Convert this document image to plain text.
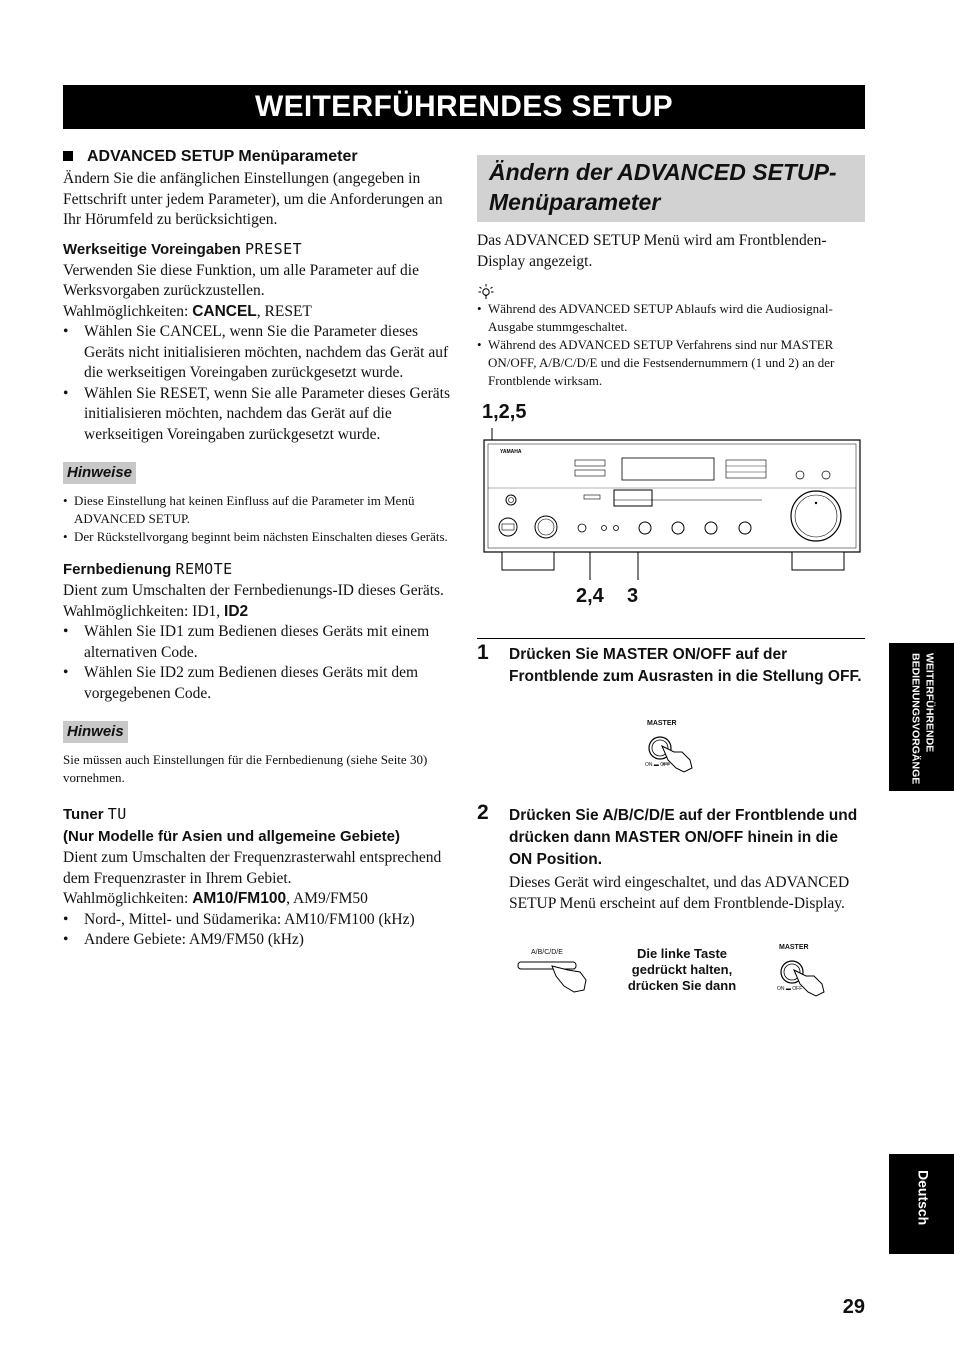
WEITERFÜHRENDES SETUP
ADVANCED SETUP Menüparameter
Ändern Sie die anfänglichen Einstellungen (angegeben in Fettschrift unter jedem Parameter), um die Anforderungen an Ihr Hörumfeld zu berücksichtigen.
Werkseitige Voreingaben PRESET
Verwenden Sie diese Funktion, um alle Parameter auf die Werksvorgaben zurückzustellen.
Wahlmöglichkeiten: CANCEL, RESET
• Wählen Sie CANCEL, wenn Sie die Parameter dieses Geräts nicht initialisieren möchten, nachdem das Gerät auf die werkseitigen Voreingaben zurückgesetzt wurde.
• Wählen Sie RESET, wenn Sie alle Parameter dieses Geräts initialisieren möchten, nachdem das Gerät auf die werkseitigen Voreingaben zurückgesetzt wurde.
Hinweise
• Diese Einstellung hat keinen Einfluss auf die Parameter im Menü ADVANCED SETUP.
• Der Rückstellvorgang beginnt beim nächsten Einschalten dieses Geräts.
Fernbedienung REMOTE
Dient zum Umschalten der Fernbedienungs-ID dieses Geräts.
Wahlmöglichkeiten: ID1, ID2
• Wählen Sie ID1 zum Bedienen dieses Geräts mit einem alternativen Code.
• Wählen Sie ID2 zum Bedienen dieses Geräts mit dem vorgegebenen Code.
Hinweis
Sie müssen auch Einstellungen für die Fernbedienung (siehe Seite 30) vornehmen.
Tuner TU
(Nur Modelle für Asien und allgemeine Gebiete)
Dient zum Umschalten der Frequenzrasterwahl entsprechend dem Frequenzraster in Ihrem Gebiet.
Wahlmöglichkeiten: AM10/FM100, AM9/FM50
• Nord-, Mittel- und Südamerika: AM10/FM100 (kHz)
• Andere Gebiete: AM9/FM50 (kHz)
Ändern der ADVANCED SETUP-
Menüparameter
Das ADVANCED SETUP Menü wird am Frontblenden-Display angezeigt.
• Während des ADVANCED SETUP Ablaufs wird die Audiosignal-Ausgabe stummgeschaltet.
• Während des ADVANCED SETUP Verfahrens sind nur MASTER ON/OFF, A/B/C/D/E und die Festsendernummern (1 und 2) an der Frontblende wirksam.
1,2,5
2,4 3
YAMAHA
1 Drücken Sie MASTER ON/OFF auf der Frontblende zum Ausrasten in die Stellung OFF.
MASTER
ON ▬ OFF
2 Drücken Sie A/B/C/D/E auf der Frontblende und drücken dann MASTER ON/OFF hinein in die ON Position.
Dieses Gerät wird eingeschaltet, und das ADVANCED SETUP Menü erscheint auf dem Frontblende-Display.
A/B/C/D/E	Die linke Taste gedrückt halten, drücken Sie dann
MASTER
ON ▬ OFF
WEITERFÜHRENDE BEDIENUNGSVORGÄNGE
Deutsch
29
